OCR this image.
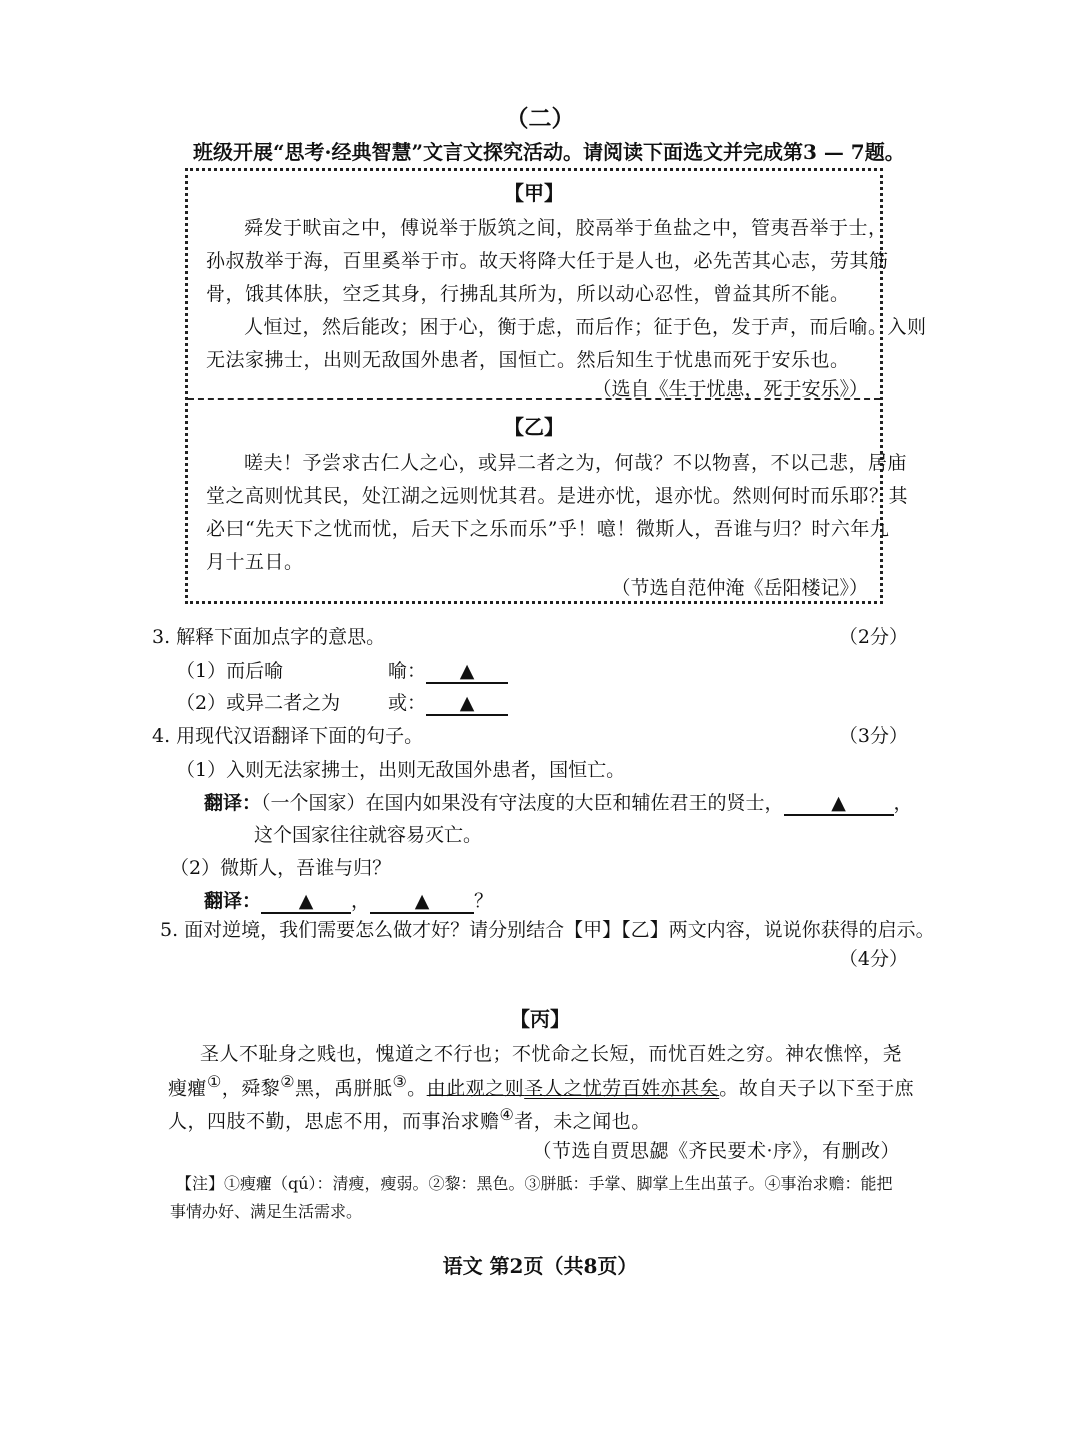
（二）
班级开展“思考·经典智慧”文言文探究活动。请阅读下面选文并完成第3 — 7题。
【甲】
舜发于畎亩之中，傅说举于版筑之间，胶鬲举于鱼盐之中，管夷吾举于士，
孙叔敖举于海，百里奚举于市。故天将降大任于是人也，必先苦其心志，劳其筋
骨，饿其体肤，空乏其身，行拂乱其所为，所以动心忍性，曾益其所不能。
人恒过，然后能改；困于心，衡于虑，而后作；征于色，发于声，而后喻。入则
无法家拂士，出则无敌国外患者，国恒亡。然后知生于忧患而死于安乐也。
（选自《生于忧患，死于安乐》）
【乙】
嗟夫！予尝求古仁人之心，或异二者之为，何哉？不以物喜，不以己悲，居庙
堂之高则忧其民，处江湖之远则忧其君。是进亦忧，退亦忧。然则何时而乐耶？其
必曰“先天下之忧而忧，后天下之乐而乐”乎！噫！微斯人，吾谁与归？时六年九
月十五日。
（节选自范仲淹《岳阳楼记》）
3. 解释下面加点字的意思。	（2分）
（1）而后喻	喻： ▲
（2）或异二者之为	或： ▲
4. 用现代汉语翻译下面的句子。	（3分）
（1）入则无法家拂士，出则无敌国外患者，国恒亡。
翻译：（一个国家）在国内如果没有守法度的大臣和辅佐君王的贤士，	▲	，
这个国家往往就容易灭亡。
（2）微斯人，吾谁与归？
翻译： ▲ ， ▲ ？
5. 面对逆境，我们需要怎么做才好？请分别结合【甲】【乙】两文内容，说说你获得的启示。
（4分）
【丙】
圣人不耻身之贱也，愧道之不行也；不忧命之长短，而忧百姓之穷。神农憔悴，尧
瘦癯①，舜黎②黑，禹胼胝③。由此观之则圣人之忧劳百姓亦甚矣。故自天子以下至于庶
人，四肢不勤，思虑不用，而事治求赡④者，未之闻也。
（节选自贾思勰《齐民要术·序》，有删改）
【注】①瘦癯（qú）：清瘦，瘦弱。②黎：黑色。③胼胝：手掌、脚掌上生出茧子。④事治求赡：能把
事情办好、满足生活需求。
语文 第2页（共8页）
